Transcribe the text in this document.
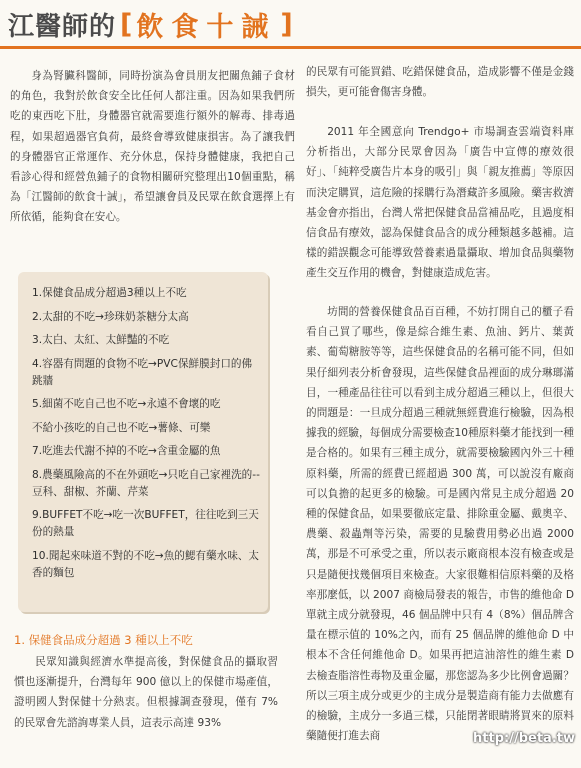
江醫師的 [ 飲食十誡 ]

身為腎臟科醫師，同時扮演為會員朋友把關魚鋪子食材的角色，我對於飲食安全比任何人都注重。因為如果我們所吃的東西吃下肚，身體器官就需要進行額外的解毒、排毒過程，如果超過器官負荷，最終會導致健康損害。為了讓我們的身體器官正常運作、充分休息，保持身體健康，我把自己看診心得和經營魚鋪子的食物相關研究整理出10個重點，稱為「江醫師的飲食十誡」，希望讓會員及民眾在飲食選擇上有所依循，能夠食在安心。

1.保健食品成分超過3種以上不吃
2.太甜的不吃→珍珠奶茶糖分太高
3.太白、太紅、太鮮豔的不吃
4.容器有問題的食物不吃→PVC保鮮膜封口的佛跳牆
5.細菌不吃自己也不吃→永遠不會壞的吃
不給小孩吃的自己也不吃→薯條、可樂
7.吃進去代謝不掉的不吃→含重金屬的魚
8.農藥風險高的不在外頭吃→只吃自己家裡洗的--豆科、甜椒、芥蘭、芹菜
9.BUFFET不吃→吃一次BUFFET，往往吃到三天份的熱量
10.聞起來味道不對的不吃→魚的鰓有藥水味、太香的麵包
1. 保健食品成分超過 3 種以上不吃

民眾知識與經濟水準提高後，對保健食品的攝取習慣也逐漸提升，台灣每年 900 億以上的保健市場產值，證明國人對保健十分熱衷。但根據調查發現，僅有 7% 的民眾會先諮詢專業人員，這表示高達 93%

的民眾有可能買錯、吃錯保健食品，造成影響不僅是金錢損失，更可能會傷害身體。

2011 年全國意向 Trendgo+ 市場調查雲端資料庫分析指出，大部分民眾會因為「廣告中宣傳的療效很好」、「純粹受廣告片本身的吸引」與「親友推薦」等原因而決定購買，這危險的採購行為潛藏許多風險。藥害救濟基金會亦指出，台灣人常把保健食品當補品吃，且過度相信食品有療效，認為保健食品含的成分種類越多越補。這樣的錯誤觀念可能導致營養素過量攝取、增加食品與藥物產生交互作用的機會，對健康造成危害。

坊間的營養保健食品百百種，不妨打開自己的櫃子看看自己買了哪些，像是綜合維生素、魚油、鈣片、葉黃素、葡萄糖胺等等，這些保健食品的名稱可能不同，但如果仔細列表分析會發現，這些保健食品裡面的成分琳瑯滿目，一種產品往往可以看到主成分超過三種以上，但很大的問題是：一旦成分超過三種就無經費進行檢驗，因為根據我的經驗，每個成分需要檢查10種原料藥才能找到一種是合格的。如果有三種主成分，就需要檢驗國內外三十種原料藥，所需的經費已經超過 300 萬，可以說沒有廠商可以負擔的起更多的檢驗。可是國內常見主成分超過 20 種的保健食品，如果要徹底定量、排除重金屬、戴奧辛、農藥、殺蟲劑等污染，需要的見驗費用勢必出過 2000 萬，那是不可承受之重，所以表示廠商根本沒有檢查或是只是隨便找幾個項目來檢查。大家很難相信原料藥的及格率那麼低，以 2007 商檢局發表的報告，市售的維他命 D 單就主成分就發現，46 個品牌中只有 4（8%）個品牌含量在標示值的 10%之內，而有 25 個品牌的維他命 D 中根本不含任何維他命 D。如果再把這油溶性的維生素 D 去檢查脂溶性毒物及重金屬，那您認為多少比例會過關？所以三項主成分或更少的主成分是製造商有能力去做應有的檢驗，主成分一多過三樣，只能閉著眼睛將買來的原料藥隨便打進去商	http://beta.tw
